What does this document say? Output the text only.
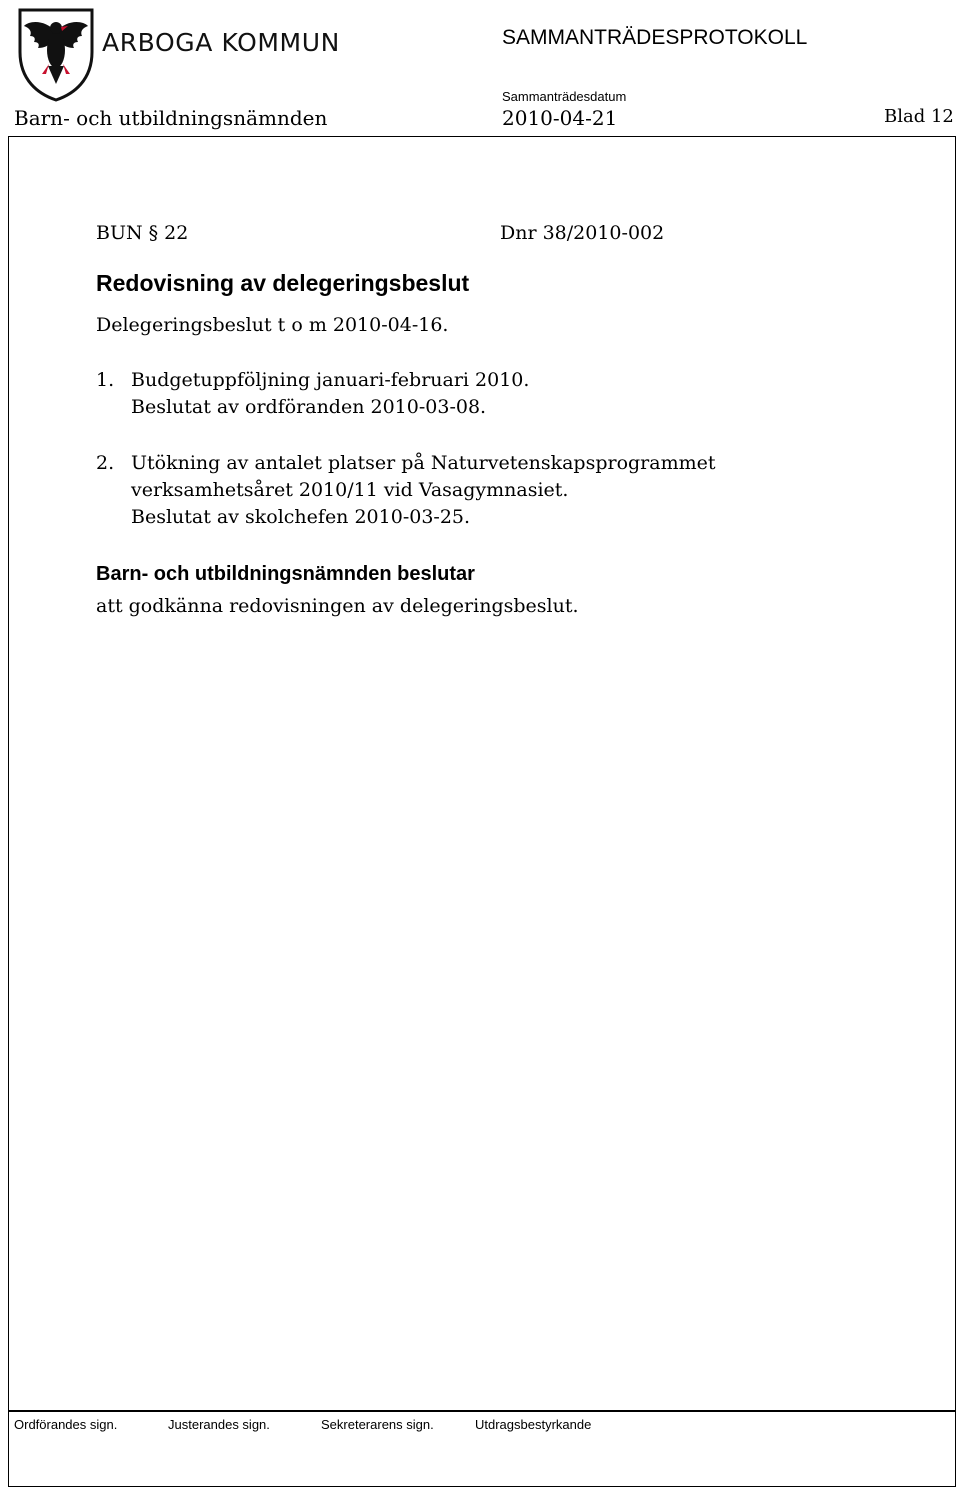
ARBOGA KOMMUN	SAMMANTRÄDESPROTOKOLL
Sammanträdesdatum
Barn- och utbildningsnämnden	2010-04-21	Blad 12
BUN § 22	Dnr 38/2010-002
Redovisning av delegeringsbeslut
Delegeringsbeslut t o m 2010-04-16.
1. Budgetuppföljning januari-februari 2010.
Beslutat av ordföranden 2010-03-08.
2. Utökning av antalet platser på Naturvetenskapsprogrammet
verksamhetsåret 2010/11 vid Vasagymnasiet.
Beslutat av skolchefen 2010-03-25.
Barn- och utbildningsnämnden beslutar
att godkänna redovisningen av delegeringsbeslut.
Ordförandes sign.	Justerandes sign.	Sekreterarens sign.	Utdragsbestyrkande
